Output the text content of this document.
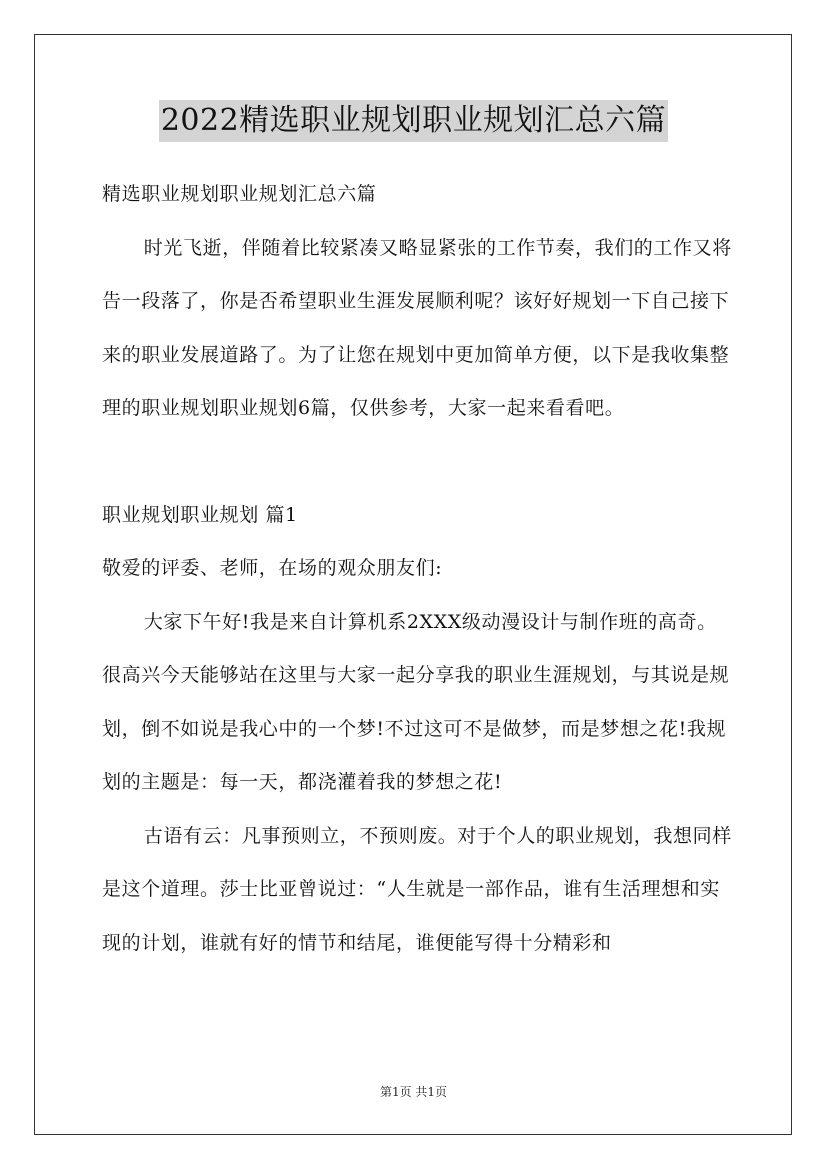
2022精选职业规划职业规划汇总六篇

精选职业规划职业规划汇总六篇

时光飞逝，伴随着比较紧凑又略显紧张的工作节奏，我们的工作又将告一段落了，你是否希望职业生涯发展顺利呢？该好好规划一下自己接下来的职业发展道路了。为了让您在规划中更加简单方便，以下是我收集整理的职业规划职业规划6篇，仅供参考，大家一起来看看吧。

职业规划职业规划 篇1

敬爱的评委、老师，在场的观众朋友们:

大家下午好!我是来自计算机系2XXX级动漫设计与制作班的高奇。很高兴今天能够站在这里与大家一起分享我的职业生涯规划，与其说是规划，倒不如说是我心中的一个梦!不过这可不是做梦，而是梦想之花!我规划的主题是：每一天，都浇灌着我的梦想之花!

古语有云：凡事预则立，不预则废。对于个人的职业规划，我想同样是这个道理。莎士比亚曾说过：“人生就是一部作品，谁有生活理想和实现的计划，谁就有好的情节和结尾，谁便能写得十分精彩和

第1页 共1页
